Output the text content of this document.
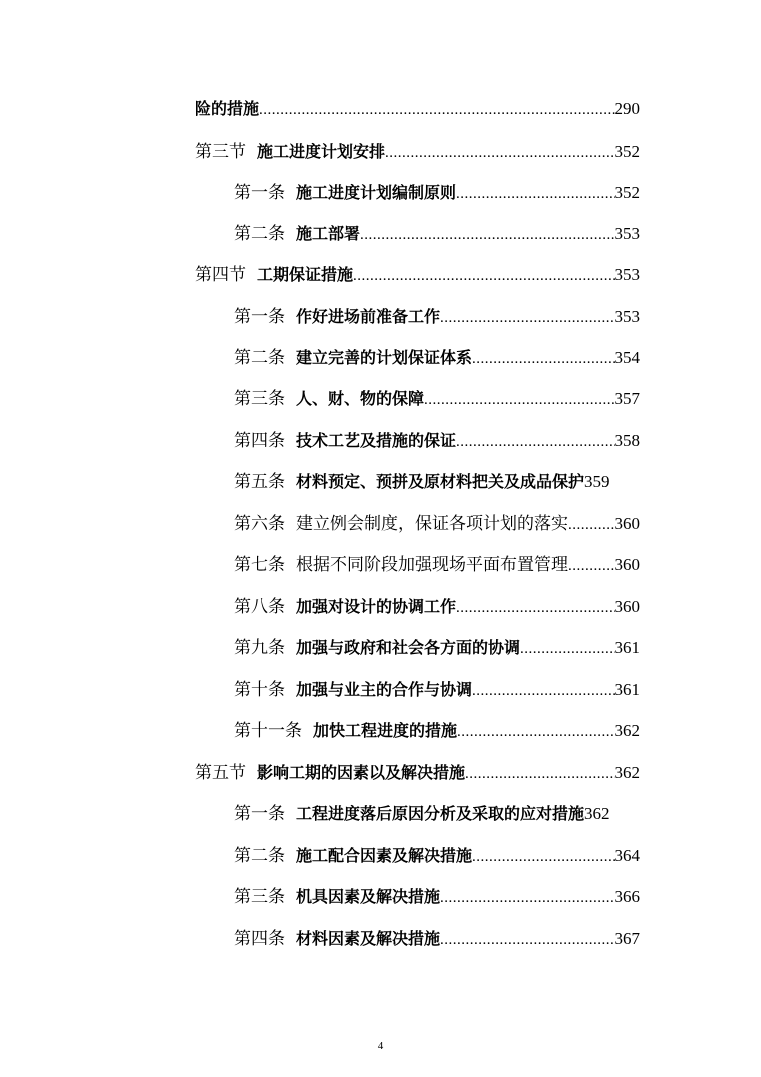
险的措施 .....	290
第三节 施工进度计划安排 .....	352
第一条 施工进度计划编制原则 .....	352
第二条 施工部署 .....	353
第四节 工期保证措施 .....	353
第一条 作好进场前准备工作 .....	353
第二条 建立完善的计划保证体系 .....	354
第三条 人、财、物的保障 .....	357
第四条 技术工艺及措施的保证 .....	358
第五条 材料预定、预拼及原材料把关及成品保护 359
第六条 建立例会制度，保证各项计划的落实 .....	360
第七条 根据不同阶段加强现场平面布置管理 .....	360
第八条 加强对设计的协调工作 .....	360
第九条 加强与政府和社会各方面的协调 .....	361
第十条 加强与业主的合作与协调 .....	361
第十一条 加快工程进度的措施 .....	362
第五节 影响工期的因素以及解决措施 .....	362
第一条 工程进度落后原因分析及采取的应对措施 362
第二条 施工配合因素及解决措施 .....	364
第三条 机具因素及解决措施 .....	366
第四条 材料因素及解决措施 .....	367
4
